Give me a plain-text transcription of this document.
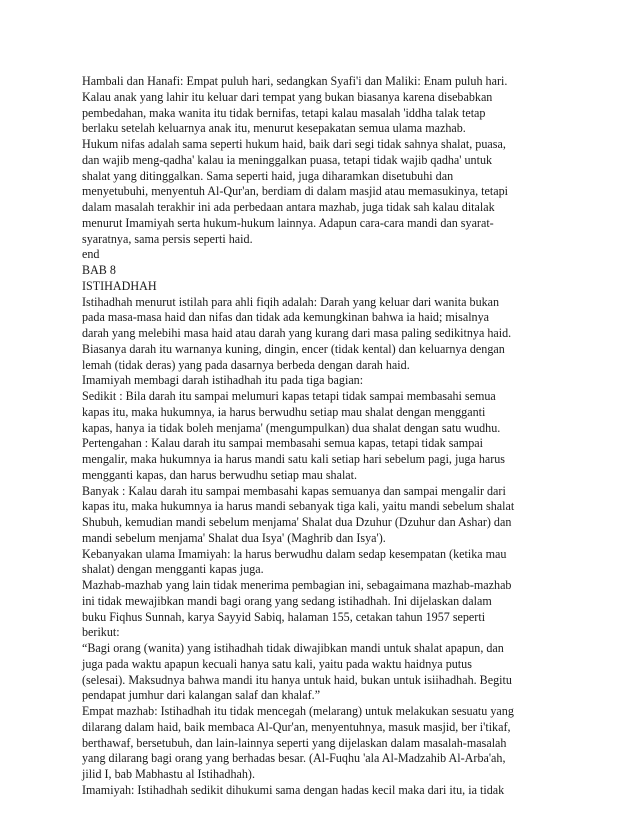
Hambali dan Hanafi: Empat puluh hari, sedangkan Syafi'i dan Maliki: Enam puluh hari.
Kalau anak yang lahir itu keluar dari tempat yang bukan biasanya karena disebabkan
pembedahan, maka wanita itu tidak bernifas, tetapi kalau masalah 'iddha talak tetap
berlaku setelah keluarnya anak itu, menurut kesepakatan semua ulama mazhab.
Hukum nifas adalah sama seperti hukum haid, baik dari segi tidak sahnya shalat, puasa,
dan wajib meng-qadha' kalau ia meninggalkan puasa, tetapi tidak wajib qadha' untuk
shalat yang ditinggalkan. Sama seperti haid, juga diharamkan disetubuhi dan
menyetubuhi, menyentuh Al-Qur'an, berdiam di dalam masjid atau memasukinya, tetapi
dalam masalah terakhir ini ada perbedaan antara mazhab, juga tidak sah kalau ditalak
menurut Imamiyah serta hukum-hukum lainnya. Adapun cara-cara mandi dan syarat-
syaratnya, sama persis seperti haid.
end
BAB 8
ISTIHADHAH
Istihadhah menurut istilah para ahli fiqih adalah: Darah yang keluar dari wanita bukan
pada masa-masa haid dan nifas dan tidak ada kemungkinan bahwa ia haid; misalnya
darah yang melebihi masa haid atau darah yang kurang dari masa paling sedikitnya haid.
Biasanya darah itu warnanya kuning, dingin, encer (tidak kental) dan keluarnya dengan
lemah (tidak deras) yang pada dasarnya berbeda dengan darah haid.
Imamiyah membagi darah istihadhah itu pada tiga bagian:
Sedikit : Bila darah itu sampai melumuri kapas tetapi tidak sampai membasahi semua
kapas itu, maka hukumnya, ia harus berwudhu setiap mau shalat dengan mengganti
kapas, hanya ia tidak boleh menjama' (mengumpulkan) dua shalat dengan satu wudhu.
Pertengahan : Kalau darah itu sampai membasahi semua kapas, tetapi tidak sampai
mengalir, maka hukumnya ia harus mandi satu kali setiap hari sebelum pagi, juga harus
mengganti kapas, dan harus berwudhu setiap mau shalat.
Banyak : Kalau darah itu sampai membasahi kapas semuanya dan sampai mengalir dari
kapas itu, maka hukumnya ia harus mandi sebanyak tiga kali, yaitu mandi sebelum shalat
Shubuh, kemudian mandi sebelum menjama' Shalat dua Dzuhur (Dzuhur dan Ashar) dan
mandi sebelum menjama' Shalat dua Isya' (Maghrib dan Isya').
Kebanyakan ulama Imamiyah: la harus berwudhu dalam sedap kesempatan (ketika mau
shalat) dengan mengganti kapas juga.
Mazhab-mazhab yang lain tidak menerima pembagian ini, sebagaimana mazhab-mazhab
ini tidak mewajibkan mandi bagi orang yang sedang istihadhah. Ini dijelaskan dalam
buku Fiqhus Sunnah, karya Sayyid Sabiq, halaman 155, cetakan tahun 1957 seperti
berikut:
“Bagi orang (wanita) yang istihadhah tidak diwajibkan mandi untuk shalat apapun, dan
juga pada waktu apapun kecuali hanya satu kali, yaitu pada waktu haidnya putus
(selesai). Maksudnya bahwa mandi itu hanya untuk haid, bukan untuk isiihadhah. Begitu
pendapat jumhur dari kalangan salaf dan khalaf.”
Empat mazhab: Istihadhah itu tidak mencegah (melarang) untuk melakukan sesuatu yang
dilarang dalam haid, baik membaca Al-Qur'an, menyentuhnya, masuk masjid, ber i'tikaf,
berthawaf, bersetubuh, dan lain-lainnya seperti yang dijelaskan dalam masalah-masalah
yang dilarang bagi orang yang berhadas besar. (Al-Fuqhu 'ala Al-Madzahib Al-Arba'ah,
jilid I, bab Mabhastu al Istihadhah).
Imamiyah: Istihadhah sedikit dihukumi sama dengan hadas kecil maka dari itu, ia tidak
